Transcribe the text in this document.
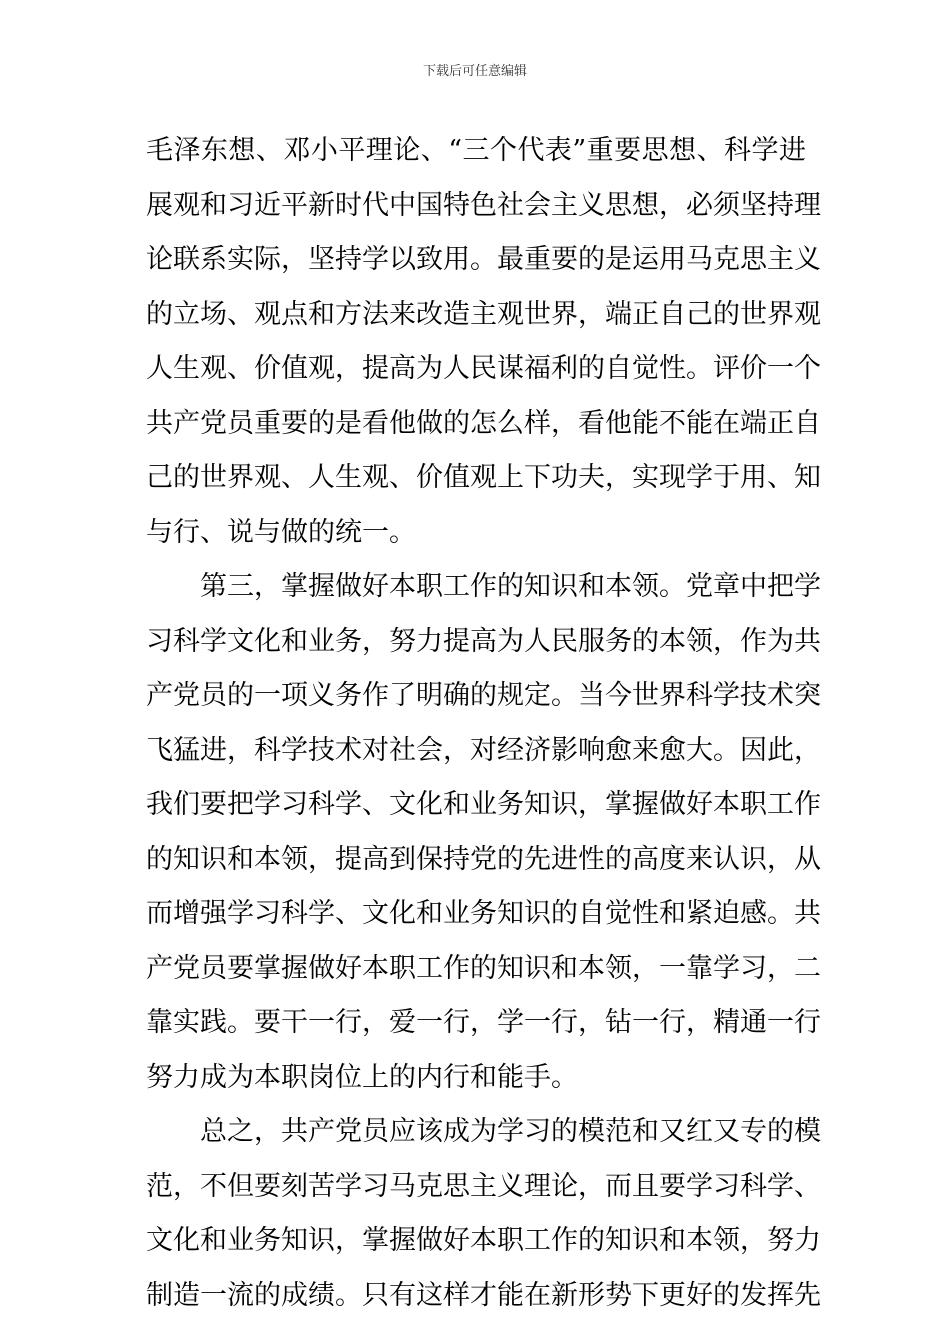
下载后可任意编辑
毛泽东想、邓小平理论、“三个代表”重要思想、科学进
展观和习近平新时代中国特色社会主义思想，必须坚持理
论联系实际，坚持学以致用。最重要的是运用马克思主义
的立场、观点和方法来改造主观世界，端正自己的世界观
人生观、价值观，提高为人民谋福利的自觉性。评价一个
共产党员重要的是看他做的怎么样，看他能不能在端正自
己的世界观、人生观、价值观上下功夫，实现学于用、知
与行、说与做的统一。
第三，掌握做好本职工作的知识和本领。党章中把学
习科学文化和业务，努力提高为人民服务的本领，作为共
产党员的一项义务作了明确的规定。当今世界科学技术突
飞猛进，科学技术对社会，对经济影响愈来愈大。因此，
我们要把学习科学、文化和业务知识，掌握做好本职工作
的知识和本领，提高到保持党的先进性的高度来认识，从
而增强学习科学、文化和业务知识的自觉性和紧迫感。共
产党员要掌握做好本职工作的知识和本领，一靠学习，二
靠实践。要干一行，爱一行，学一行，钻一行，精通一行
努力成为本职岗位上的内行和能手。
总之，共产党员应该成为学习的模范和又红又专的模
范，不但要刻苦学习马克思主义理论，而且要学习科学、
文化和业务知识，掌握做好本职工作的知识和本领，努力
制造一流的成绩。只有这样才能在新形势下更好的发挥先
